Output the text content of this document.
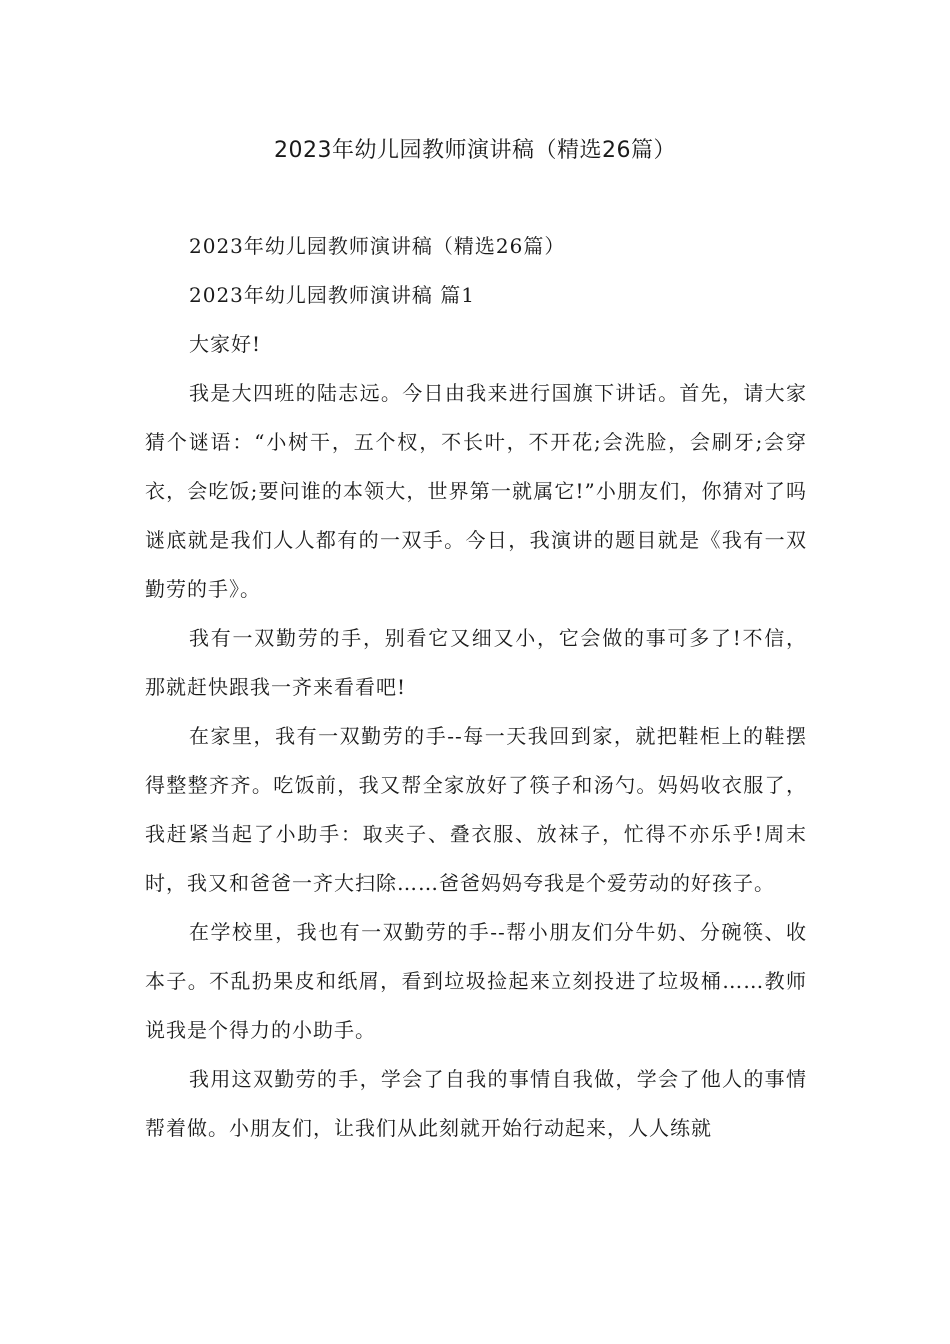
2023年幼儿园教师演讲稿（精选26篇）

2023年幼儿园教师演讲稿（精选26篇）

2023年幼儿园教师演讲稿 篇1

大家好!

我是大四班的陆志远。今日由我来进行国旗下讲话。首先，请大家猜个谜语：“小树干，五个杈，不长叶，不开花;会洗脸，会刷牙;会穿衣，会吃饭;要问谁的本领大，世界第一就属它!”小朋友们，你猜对了吗谜底就是我们人人都有的一双手。今日，我演讲的题目就是《我有一双勤劳的手》。

我有一双勤劳的手，别看它又细又小，它会做的事可多了!不信，那就赶快跟我一齐来看看吧!

在家里，我有一双勤劳的手--每一天我回到家，就把鞋柜上的鞋摆得整整齐齐。吃饭前，我又帮全家放好了筷子和汤勺。妈妈收衣服了，我赶紧当起了小助手：取夹子、叠衣服、放袜子，忙得不亦乐乎!周末时，我又和爸爸一齐大扫除……爸爸妈妈夸我是个爱劳动的好孩子。

在学校里，我也有一双勤劳的手--帮小朋友们分牛奶、分碗筷、收本子。不乱扔果皮和纸屑，看到垃圾捡起来立刻投进了垃圾桶……教师说我是个得力的小助手。

我用这双勤劳的手，学会了自我的事情自我做，学会了他人的事情帮着做。小朋友们，让我们从此刻就开始行动起来，人人练就
